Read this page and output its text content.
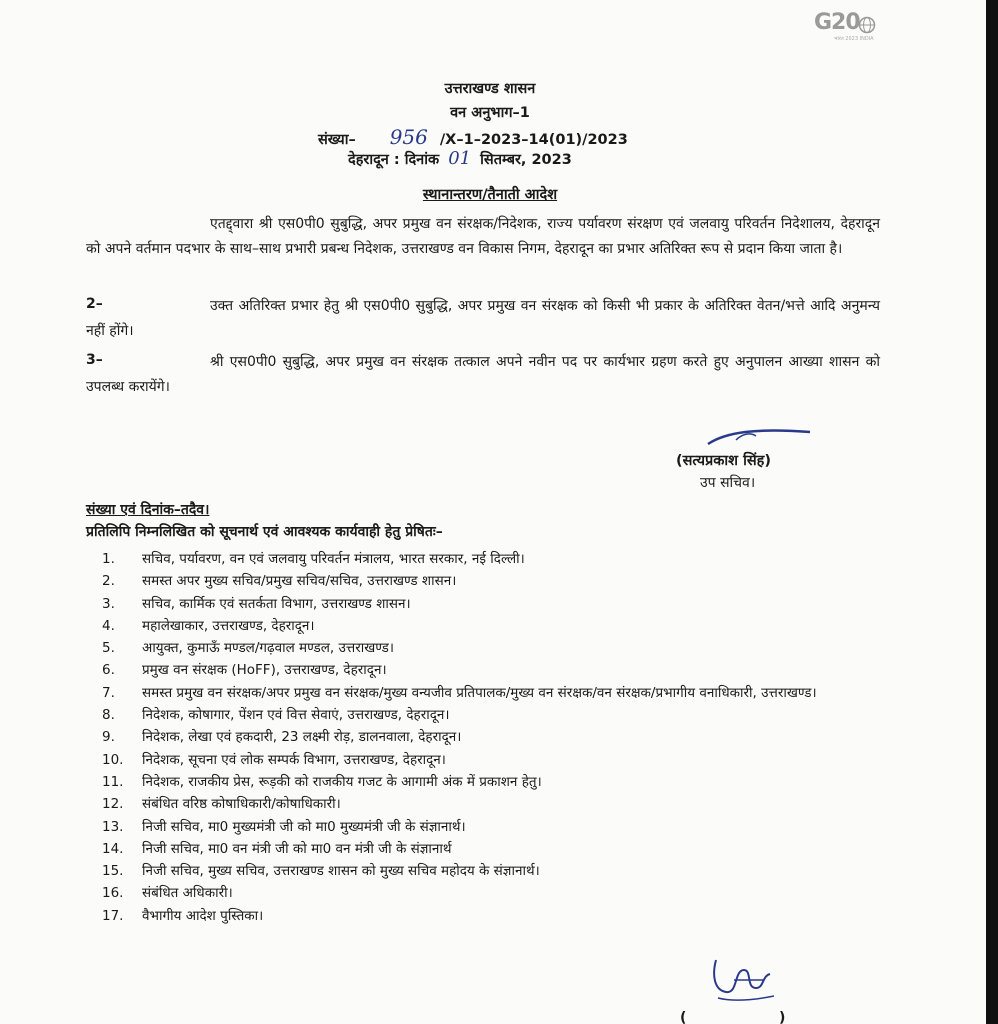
G20
भारत 2023 INDIA
उत्तराखण्ड शासन
वन अनुभाग–1
संख्या– 956 /X–1–2023–14(01)/2023
देहरादून : दिनांक 01 सितम्बर, 2023
स्थानान्तरण/तैनाती आदेश
एतद्द्वारा श्री एस0पी0 सुबुद्धि, अपर प्रमुख वन संरक्षक/निदेशक, राज्य पर्यावरण संरक्षण एवं जलवायु परिवर्तन निदेशालय, देहरादून को अपने वर्तमान पदभार के साथ–साथ प्रभारी प्रबन्ध निदेशक, उत्तराखण्ड वन विकास निगम, देहरादून का प्रभार अतिरिक्त रूप से प्रदान किया जाता है।
2–	उक्त अतिरिक्त प्रभार हेतु श्री एस0पी0 सुबुद्धि, अपर प्रमुख वन संरक्षक को किसी भी प्रकार के अतिरिक्त वेतन/भत्ते आदि अनुमन्य नहीं होंगे।
3–	श्री एस0पी0 सुबुद्धि, अपर प्रमुख वन संरक्षक तत्काल अपने नवीन पद पर कार्यभार ग्रहण करते हुए अनुपालन आख्या शासन को उपलब्ध करायेंगे।
(सत्यप्रकाश सिंह)
उप सचिव।
संख्या एवं दिनांक–तदैव।
प्रतिलिपि निम्नलिखित को सूचनार्थ एवं आवश्यक कार्यवाही हेतु प्रेषितः–
1. सचिव, पर्यावरण, वन एवं जलवायु परिवर्तन मंत्रालय, भारत सरकार, नई दिल्ली।
2. समस्त अपर मुख्य सचिव/प्रमुख सचिव/सचिव, उत्तराखण्ड शासन।
3. सचिव, कार्मिक एवं सतर्कता विभाग, उत्तराखण्ड शासन।
4. महालेखाकार, उत्तराखण्ड, देहरादून।
5. आयुक्त, कुमाऊँ मण्डल/गढ़वाल मण्डल, उत्तराखण्ड।
6. प्रमुख वन संरक्षक (HoFF), उत्तराखण्ड, देहरादून।
7. समस्त प्रमुख वन संरक्षक/अपर प्रमुख वन संरक्षक/मुख्य वन्यजीव प्रतिपालक/मुख्य वन संरक्षक/वन संरक्षक/प्रभागीय वनाधिकारी, उत्तराखण्ड।
8. निदेशक, कोषागार, पेंशन एवं वित्त सेवाएं, उत्तराखण्ड, देहरादून।
9. निदेशक, लेखा एवं हकदारी, 23 लक्ष्मी रोड़, डालनवाला, देहरादून।
10. निदेशक, सूचना एवं लोक सम्पर्क विभाग, उत्तराखण्ड, देहरादून।
11. निदेशक, राजकीय प्रेस, रूड़की को राजकीय गजट के आगामी अंक में प्रकाशन हेतु।
12. संबंधित वरिष्ठ कोषाधिकारी/कोषाधिकारी।
13. निजी सचिव, मा0 मुख्यमंत्री जी को मा0 मुख्यमंत्री जी के संज्ञानार्थ।
14. निजी सचिव, मा0 वन मंत्री जी को मा0 वन मंत्री जी के संज्ञानार्थ
15. निजी सचिव, मुख्य सचिव, उत्तराखण्ड शासन को मुख्य सचिव महोदय के संज्ञानार्थ।
16. संबंधित अधिकारी।
17. वैभागीय आदेश पुस्तिका।
(                   )
